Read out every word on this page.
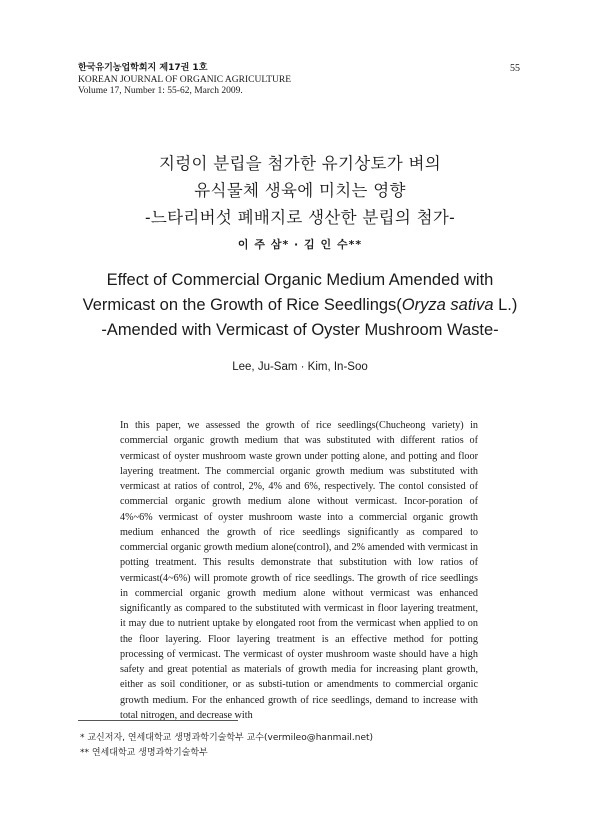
한국유기농업학회지 제17권 1호
KOREAN JOURNAL OF ORGANIC AGRICULTURE
Volume 17, Number 1: 55-62, March 2009.
55
지렁이 분립을 첨가한 유기상토가 벼의
유식물체 생육에 미치는 영향
-느타리버섯 폐배지로 생산한 분립의 첨가-
이 주 삼* · 김 인 수**
Effect of Commercial Organic Medium Amended with
Vermicast on the Growth of Rice Seedlings(Oryza sativa L.)
-Amended with Vermicast of Oyster Mushroom Waste-
Lee, Ju-Sam · Kim, In-Soo

In this paper, we assessed the growth of rice seedlings(Chucheong variety) in commercial organic growth medium that was substituted with different ratios of vermicast of oyster mushroom waste grown under potting alone, and potting and floor layering treatment. The commercial organic growth medium was substituted with vermicast at ratios of control, 2%, 4% and 6%, respectively. The contol consisted of commercial organic growth medium alone without vermicast. Incor-poration of 4%~6% vermicast of oyster mushroom waste into a commercial organic growth medium enhanced the growth of rice seedlings significantly as compared to commercial organic growth medium alone(control), and 2% amended with vermicast in potting treatment. This results demonstrate that substitution with low ratios of vermicast(4~6%) will promote growth of rice seedlings. The growth of rice seedlings in commercial organic growth medium alone without vermicast was enhanced significantly as compared to the substituted with vermicast in floor layering treatment, it may due to nutrient uptake by elongated root from the vermicast when applied to on the floor layering. Floor layering treatment is an effective method for potting processing of vermicast. The vermicast of oyster mushroom waste should have a high safety and great potential as materials of growth media for increasing plant growth, either as soil conditioner, or as substi-tution or amendments to commercial organic growth medium. For the enhanced growth of rice seedlings, demand to increase with total nitrogen, and decrease with

* 교신저자, 연세대학교 생명과학기술학부 교수(vermileo@hanmail.net)
** 연세대학교 생명과학기술학부
